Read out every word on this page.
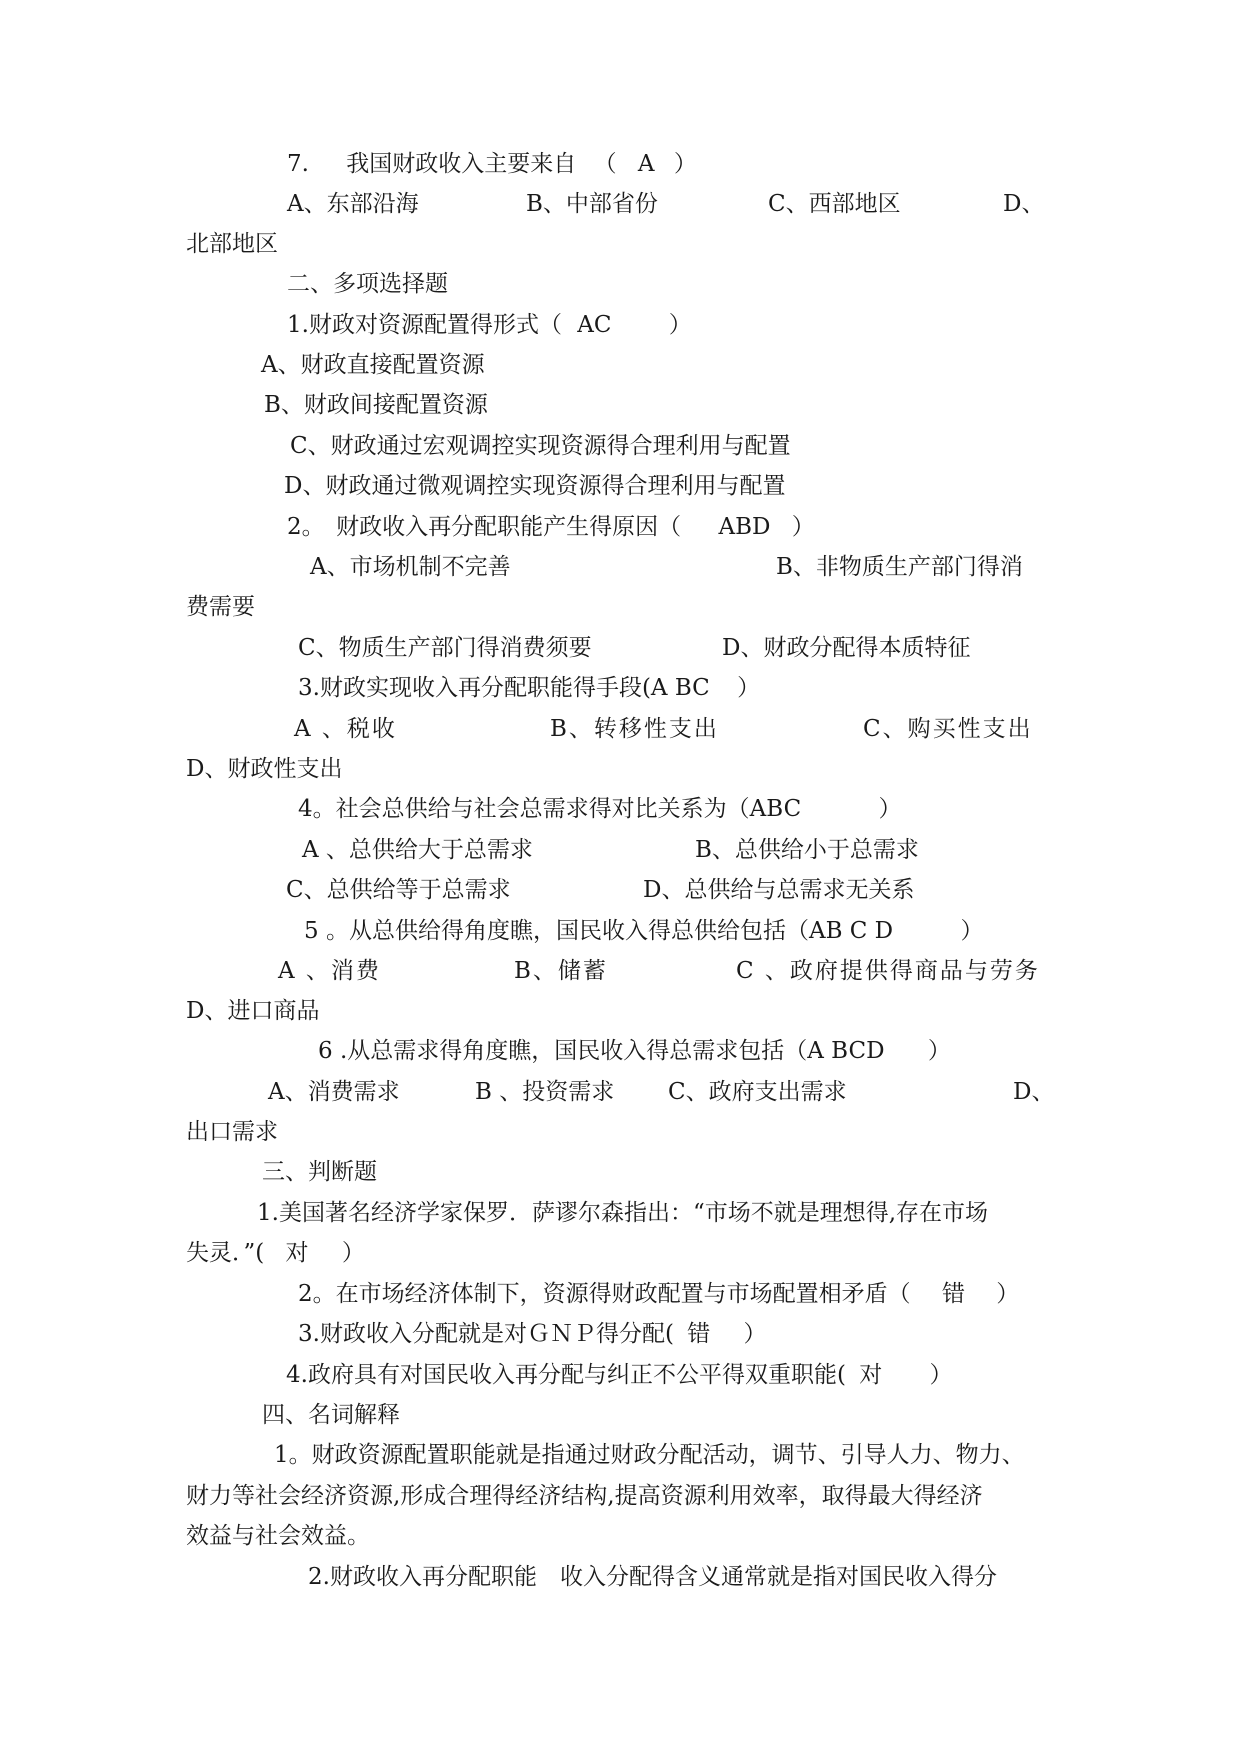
7. 我国财政收入主要来自 （ A ）
A、东部沿海	B、中部省份	C、西部地区	D、
北部地区
二、多项选择题
1.财政对资源配置得形式（ AC ）
A、财政直接配置资源
B、财政间接配置资源
C、财政通过宏观调控实现资源得合理利用与配置
D、财政通过微观调控实现资源得合理利用与配置
2。　财政收入再分配职能产生得原因（ ABD ）
A、市场机制不完善	B、非物质生产部门得消
费需要
C、物质生产部门得消费须要	D、财政分配得本质特征
3.财政实现收入再分配职能得手段(A BC ）
A 、税收	B、转移性支出	C、购买性支出
D、财政性支出
4。社会总供给与社会总需求得对比关系为（ABC	）
A 、总供给大于总需求	B、总供给小于总需求
C、总供给等于总需求	D、总供给与总需求无关系
5 。从总供给得角度瞧，国民收入得总供给包括（AB C D	）
A 、消费	B、储蓄	C 、政府提供得商品与劳务
D、进口商品
6 .从总需求得角度瞧，国民收入得总需求包括（A BCD ）
A、消费需求	B 、投资需求 C、政府支出需求	D、
出口需求
三、判断题
1.美国著名经济学家保罗．萨谬尔森指出：“市场不就是理想得,存在市场
失灵．”( 对 ）
2。在市场经济体制下，资源得财政配置与市场配置相矛盾（ 错 ）
3.财政收入分配就是对ＧＮＰ得分配( 错 ）
4.政府具有对国民收入再分配与纠正不公平得双重职能( 对 ）
四、名词解释
1。财政资源配置职能就是指通过财政分配活动，调节、引导人力、物力、
财力等社会经济资源,形成合理得经济结构,提高资源利用效率，取得最大得经济
效益与社会效益。
2.财政收入再分配职能　收入分配得含义通常就是指对国民收入得分
